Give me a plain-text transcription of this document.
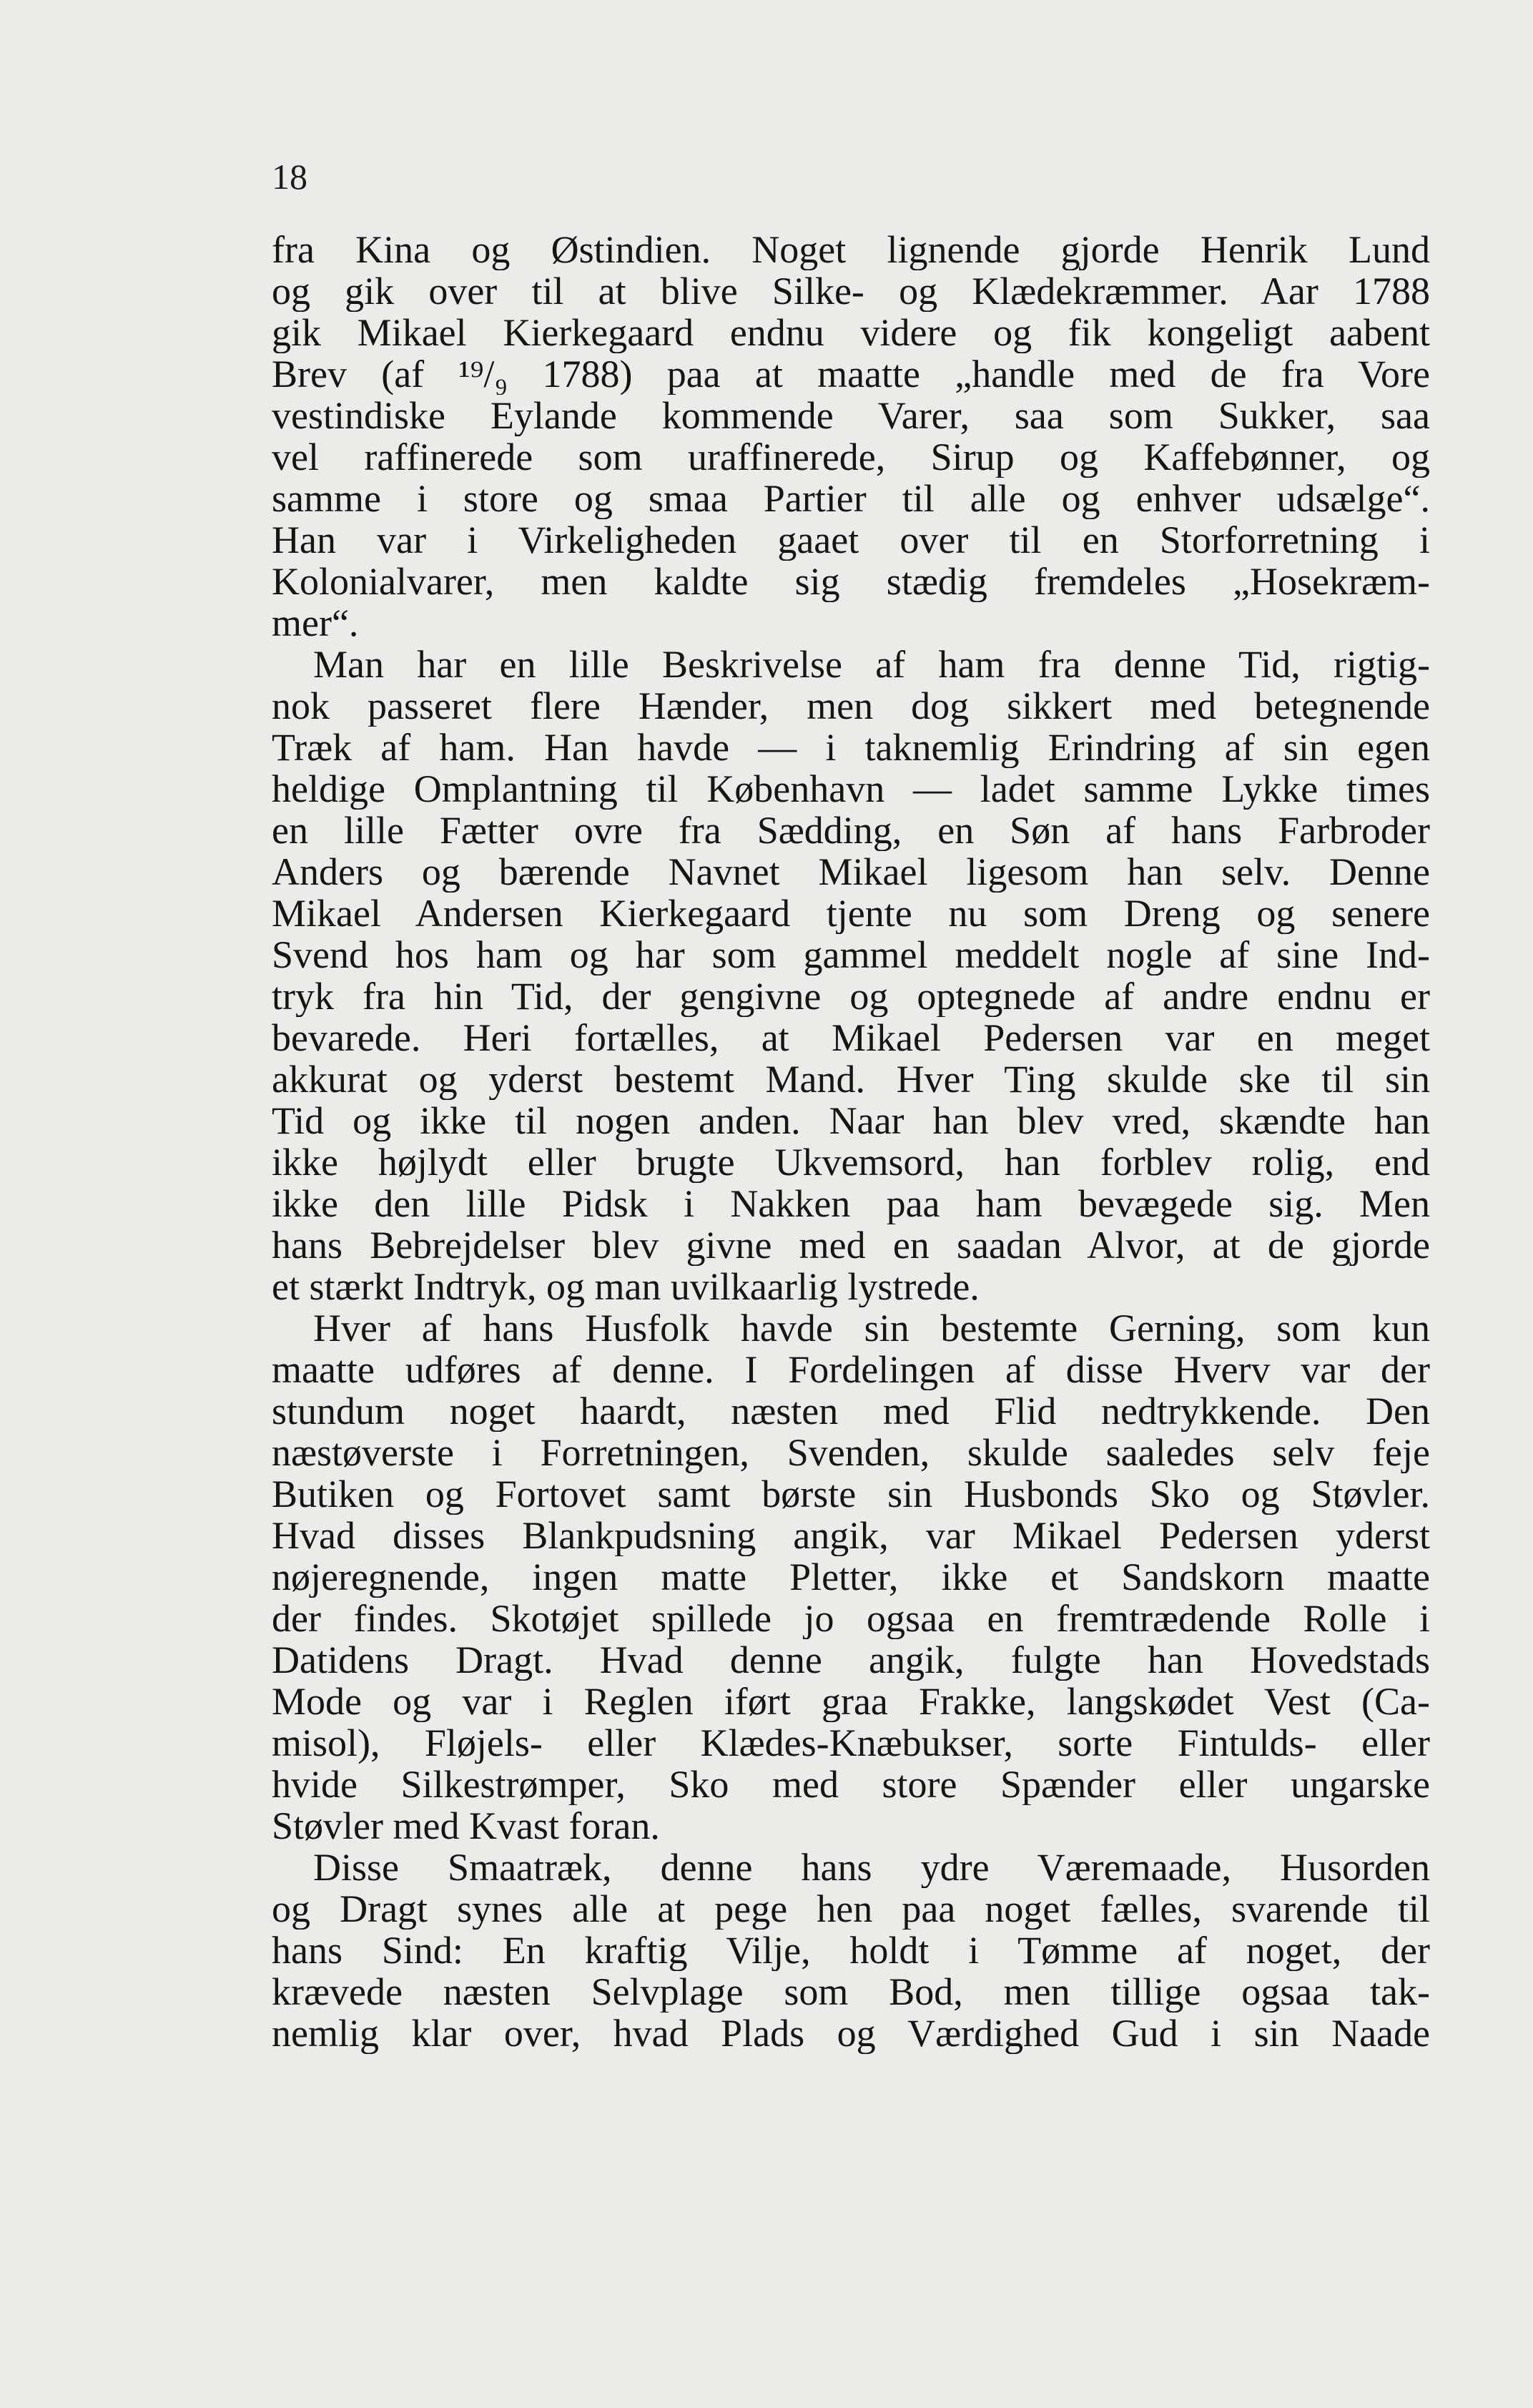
18
fra Kina og Østindien. Noget lignende gjorde Henrik Lund
og gik over til at blive Silke- og Klædekræmmer. Aar 1788
gik Mikael Kierkegaard endnu videre og fik kongeligt aabent
Brev (af ¹⁹/₉ 1788) paa at maatte „handle med de fra Vore
vestindiske Eylande kommende Varer, saa som Sukker, saa
vel raffinerede som uraffinerede, Sirup og Kaffebønner, og
samme i store og smaa Partier til alle og enhver udsælge“.
Han var i Virkeligheden gaaet over til en Storforretning i
Kolonialvarer, men kaldte sig stædig fremdeles „Hosekræm-
mer“.
Man har en lille Beskrivelse af ham fra denne Tid, rigtig-
nok passeret flere Hænder, men dog sikkert med betegnende
Træk af ham. Han havde — i taknemlig Erindring af sin egen
heldige Omplantning til København — ladet samme Lykke times
en lille Fætter ovre fra Sædding, en Søn af hans Farbroder
Anders og bærende Navnet Mikael ligesom han selv. Denne
Mikael Andersen Kierkegaard tjente nu som Dreng og senere
Svend hos ham og har som gammel meddelt nogle af sine Ind-
tryk fra hin Tid, der gengivne og optegnede af andre endnu er
bevarede. Heri fortælles, at Mikael Pedersen var en meget
akkurat og yderst bestemt Mand. Hver Ting skulde ske til sin
Tid og ikke til nogen anden. Naar han blev vred, skændte han
ikke højlydt eller brugte Ukvemsord, han forblev rolig, end
ikke den lille Pidsk i Nakken paa ham bevægede sig. Men
hans Bebrejdelser blev givne med en saadan Alvor, at de gjorde
et stærkt Indtryk, og man uvilkaarlig lystrede.
Hver af hans Husfolk havde sin bestemte Gerning, som kun
maatte udføres af denne. I Fordelingen af disse Hverv var der
stundum noget haardt, næsten med Flid nedtrykkende. Den
næstøverste i Forretningen, Svenden, skulde saaledes selv feje
Butiken og Fortovet samt børste sin Husbonds Sko og Støvler.
Hvad disses Blankpudsning angik, var Mikael Pedersen yderst
nøjeregnende, ingen matte Pletter, ikke et Sandskorn maatte
der findes. Skotøjet spillede jo ogsaa en fremtrædende Rolle i
Datidens Dragt. Hvad denne angik, fulgte han Hovedstads
Mode og var i Reglen iført graa Frakke, langskødet Vest (Ca-
misol), Fløjels- eller Klædes-Knæbukser, sorte Fintulds- eller
hvide Silkestrømper, Sko med store Spænder eller ungarske
Støvler med Kvast foran.
Disse Smaatræk, denne hans ydre Væremaade, Husorden
og Dragt synes alle at pege hen paa noget fælles, svarende til
hans Sind: En kraftig Vilje, holdt i Tømme af noget, der
krævede næsten Selvplage som Bod, men tillige ogsaa tak-
nemlig klar over, hvad Plads og Værdighed Gud i sin Naade
